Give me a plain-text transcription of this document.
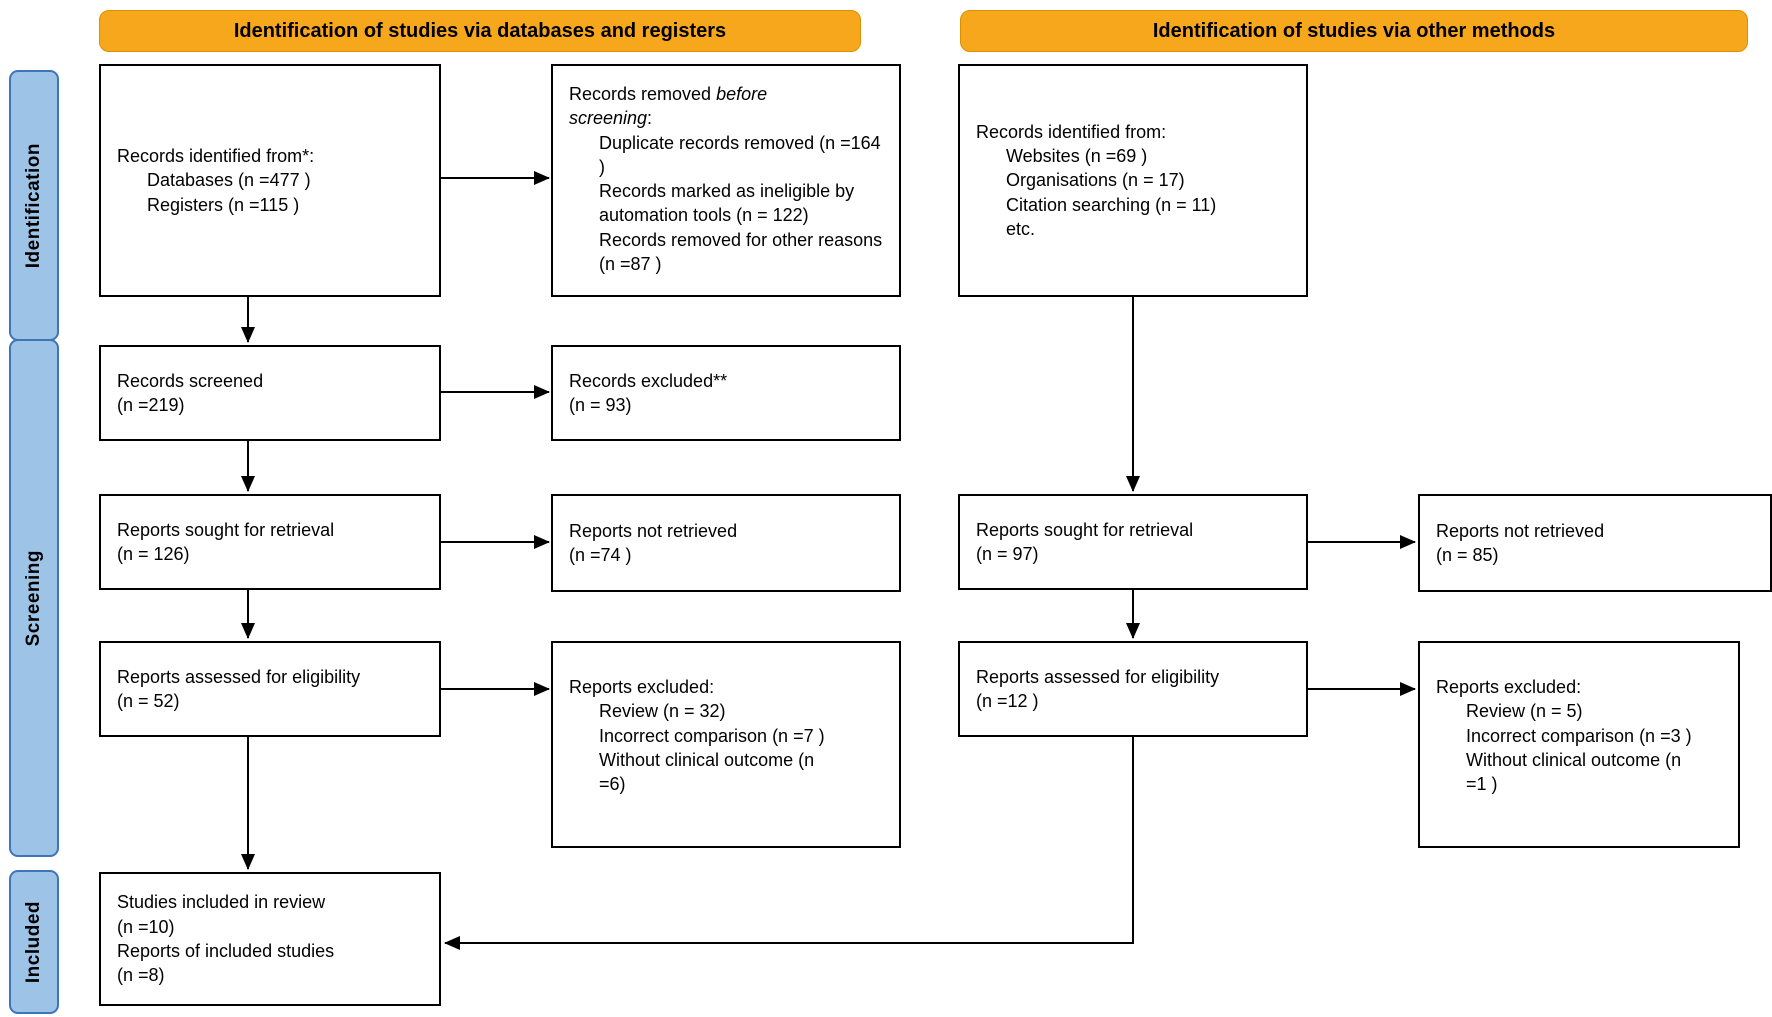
Identification of studies via databases and registers	Identification of studies via other methods
Identification
Screening
Included
Records identified from*:
Databases (n =477 )
Registers (n =115 )
Records screened
(n =219)
Reports sought for retrieval
(n = 126)
Reports assessed for eligibility
(n = 52)
Studies included in review
(n =10)
Reports of included studies
(n =8)
Records removed before screening:
Duplicate records removed (n =164 )
Records marked as ineligible by automation tools (n = 122)
Records removed for other reasons (n =87 )
Records excluded**
(n = 93)
Reports not retrieved
(n =74 )
Reports excluded:
Review (n = 32)
Incorrect comparison (n =7 )
Without clinical outcome (n =6)
Records identified from:
Websites (n =69 )
Organisations (n = 17)
Citation searching (n = 11)
etc.
Reports sought for retrieval
(n = 97)
Reports assessed for eligibility
(n =12 )
Reports not retrieved
(n = 85)
Reports excluded:
Review (n = 5)
Incorrect comparison (n =3 )
Without clinical outcome (n =1 )
